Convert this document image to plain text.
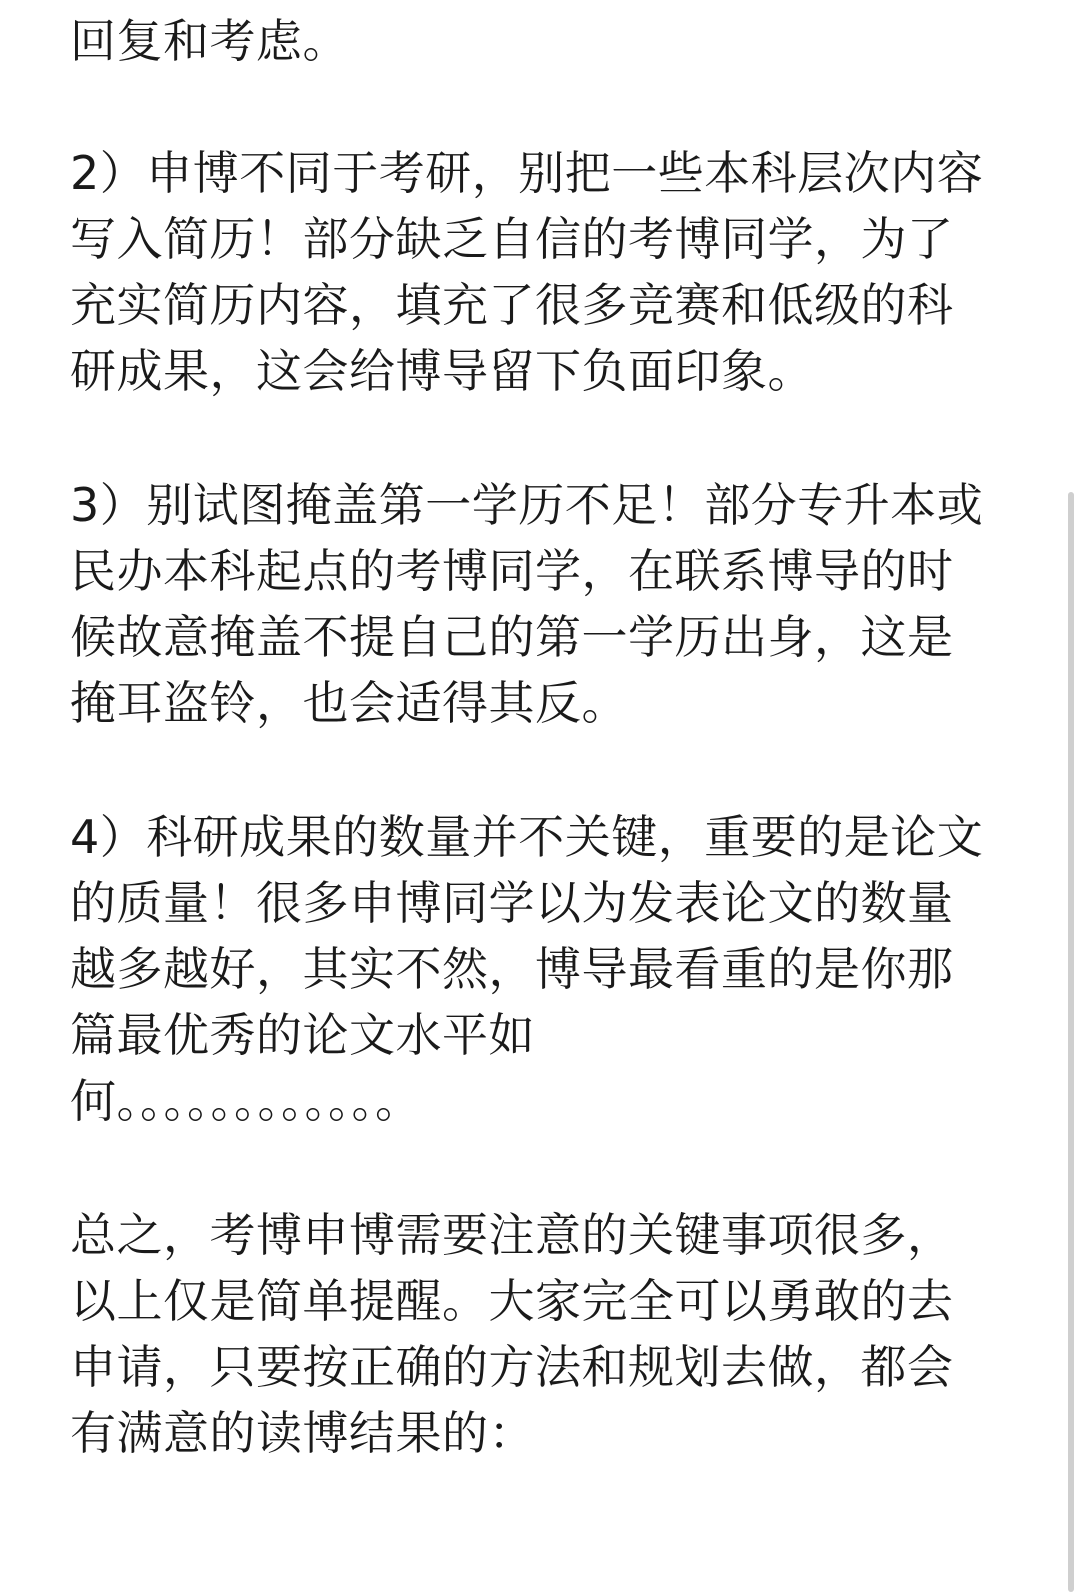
回复和考虑。

2）申博不同于考研，别把一些本科层次内容
写入简历！部分缺乏自信的考博同学，为了
充实简历内容，填充了很多竞赛和低级的科
研成果，这会给博导留下负面印象。

3）别试图掩盖第一学历不足！部分专升本或
民办本科起点的考博同学，在联系博导的时
候故意掩盖不提自己的第一学历出身，这是
掩耳盗铃，也会适得其反。

4）科研成果的数量并不关键，重要的是论文
的质量！很多申博同学以为发表论文的数量
越多越好，其实不然，博导最看重的是你那
篇最优秀的论文水平如
何。。。。。。。。。。。。

总之，考博申博需要注意的关键事项很多，
以上仅是简单提醒。大家完全可以勇敢的去
申请，只要按正确的方法和规划去做，都会
有满意的读博结果的：
